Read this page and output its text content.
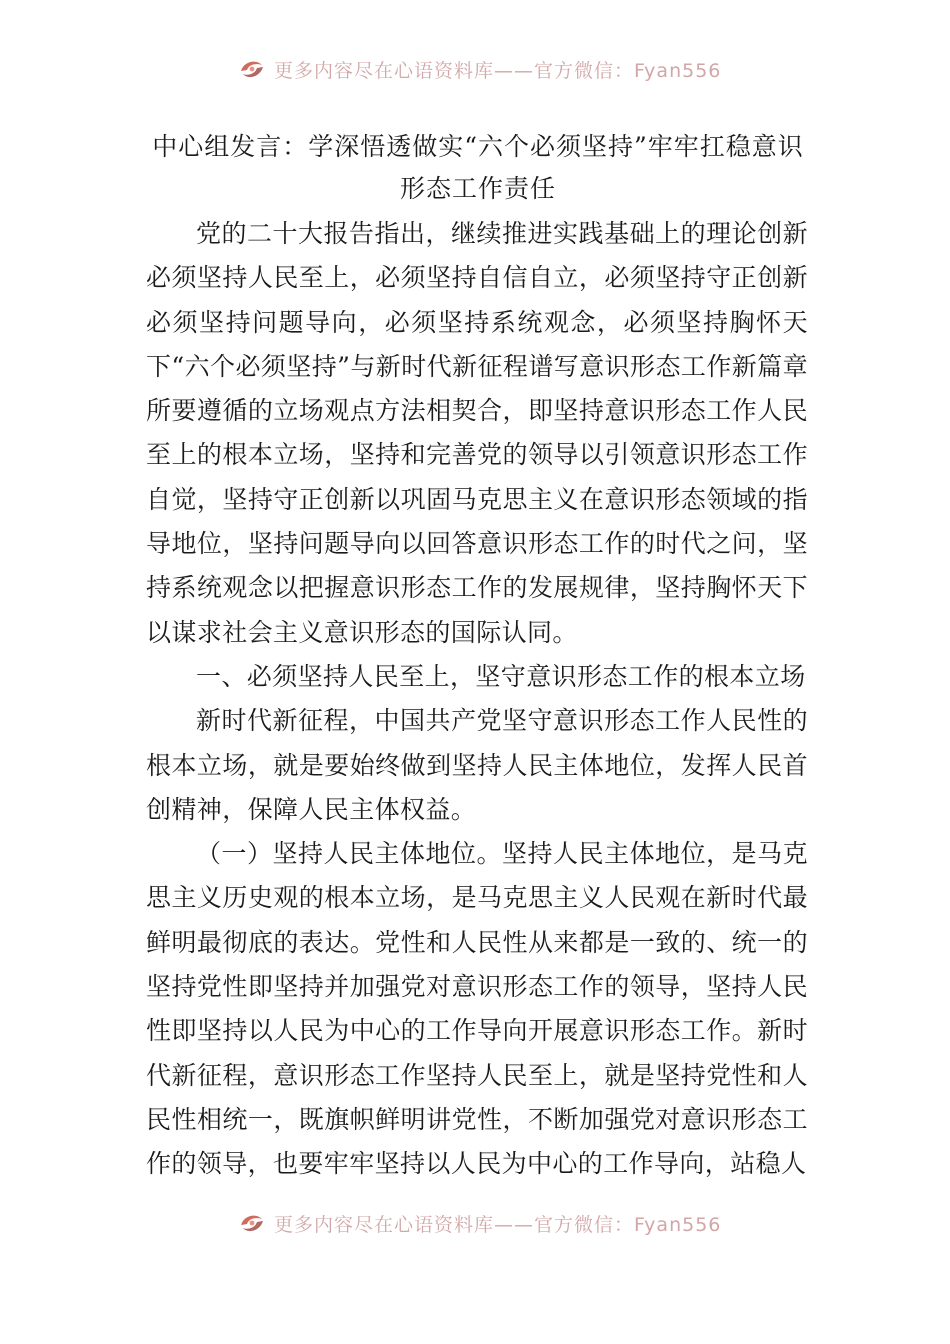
更多内容尽在心语资料库——官方微信：Fyan556
中心组发言：学深悟透做实“六个必须坚持”牢牢扛稳意识形态工作责任

党的二十大报告指出，继续推进实践基础上的理论创新必须坚持人民至上，必须坚持自信自立，必须坚持守正创新必须坚持问题导向，必须坚持系统观念，必须坚持胸怀天下“六个必须坚持”与新时代新征程谱写意识形态工作新篇章所要遵循的立场观点方法相契合，即坚持意识形态工作人民至上的根本立场，坚持和完善党的领导以引领意识形态工作自觉，坚持守正创新以巩固马克思主义在意识形态领域的指导地位，坚持问题导向以回答意识形态工作的时代之问，坚持系统观念以把握意识形态工作的发展规律，坚持胸怀天下以谋求社会主义意识形态的国际认同。

一、必须坚持人民至上，坚守意识形态工作的根本立场

新时代新征程，中国共产党坚守意识形态工作人民性的根本立场，就是要始终做到坚持人民主体地位，发挥人民首创精神，保障人民主体权益。

（一）坚持人民主体地位。坚持人民主体地位，是马克思主义历史观的根本立场，是马克思主义人民观在新时代最鲜明最彻底的表达。党性和人民性从来都是一致的、统一的坚持党性即坚持并加强党对意识形态工作的领导，坚持人民性即坚持以人民为中心的工作导向开展意识形态工作。新时代新征程，意识形态工作坚持人民至上，就是坚持党性和人民性相统一，既旗帜鲜明讲党性，不断加强党对意识形态工作的领导，也要牢牢坚持以人民为中心的工作导向，站稳人

更多内容尽在心语资料库——官方微信：Fyan556
